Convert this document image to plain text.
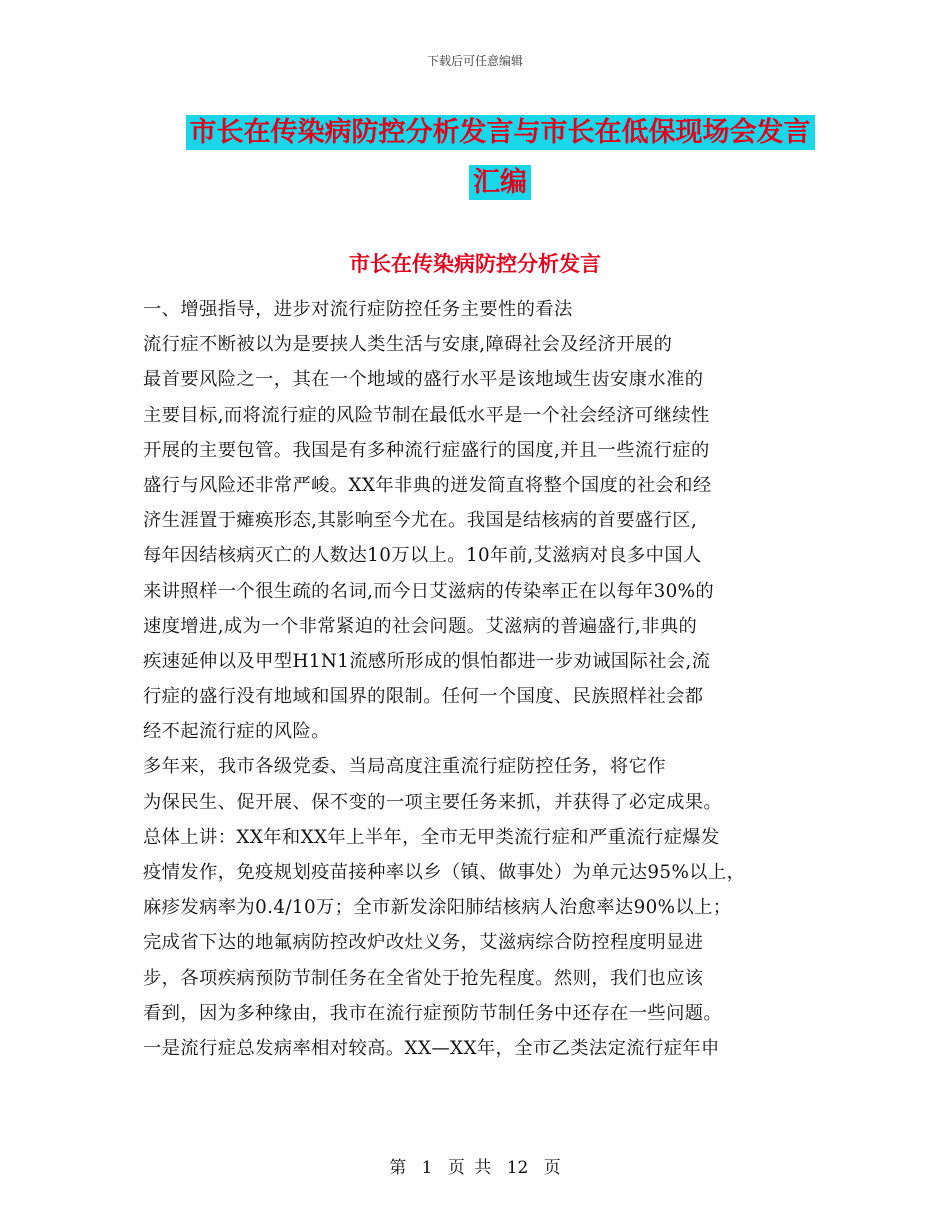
下载后可任意编辑
市长在传染病防控分析发言与市长在低保现场会发言
汇编
市长在传染病防控分析发言
一、增强指导，进步对流行症防控任务主要性的看法
流行症不断被以为是要挟人类生活与安康,障碍社会及经济开展的
最首要风险之一，其在一个地域的盛行水平是该地域生齿安康水准的
主要目标,而将流行症的风险节制在最低水平是一个社会经济可继续性
开展的主要包管。我国是有多种流行症盛行的国度,并且一些流行症的
盛行与风险还非常严峻。XX年非典的迸发简直将整个国度的社会和经
济生涯置于瘫痪形态,其影响至今尤在。我国是结核病的首要盛行区,
每年因结核病灭亡的人数达10万以上。10年前,艾滋病对良多中国人
来讲照样一个很生疏的名词,而今日艾滋病的传染率正在以每年30%的
速度增进,成为一个非常紧迫的社会问题。艾滋病的普遍盛行,非典的
疾速延伸以及甲型H1N1流感所形成的惧怕都进一步劝诫国际社会,流
行症的盛行没有地域和国界的限制。任何一个国度、民族照样社会都
经不起流行症的风险。
多年来，我市各级党委、当局高度注重流行症防控任务，将它作
为保民生、促开展、保不变的一项主要任务来抓，并获得了必定成果。
总体上讲：XX年和XX年上半年，全市无甲类流行症和严重流行症爆发
疫情发作，免疫规划疫苗接种率以乡（镇、做事处）为单元达95%以上，
麻疹发病率为0.4/10万；全市新发涂阳肺结核病人治愈率达90%以上；
完成省下达的地氟病防控改炉改灶义务，艾滋病综合防控程度明显进
步，各项疾病预防节制任务在全省处于抢先程度。然则，我们也应该
看到，因为多种缘由，我市在流行症预防节制任务中还存在一些问题。
一是流行症总发病率相对较高。XX—XX年，全市乙类法定流行症年申
第 1 页 共 12 页
